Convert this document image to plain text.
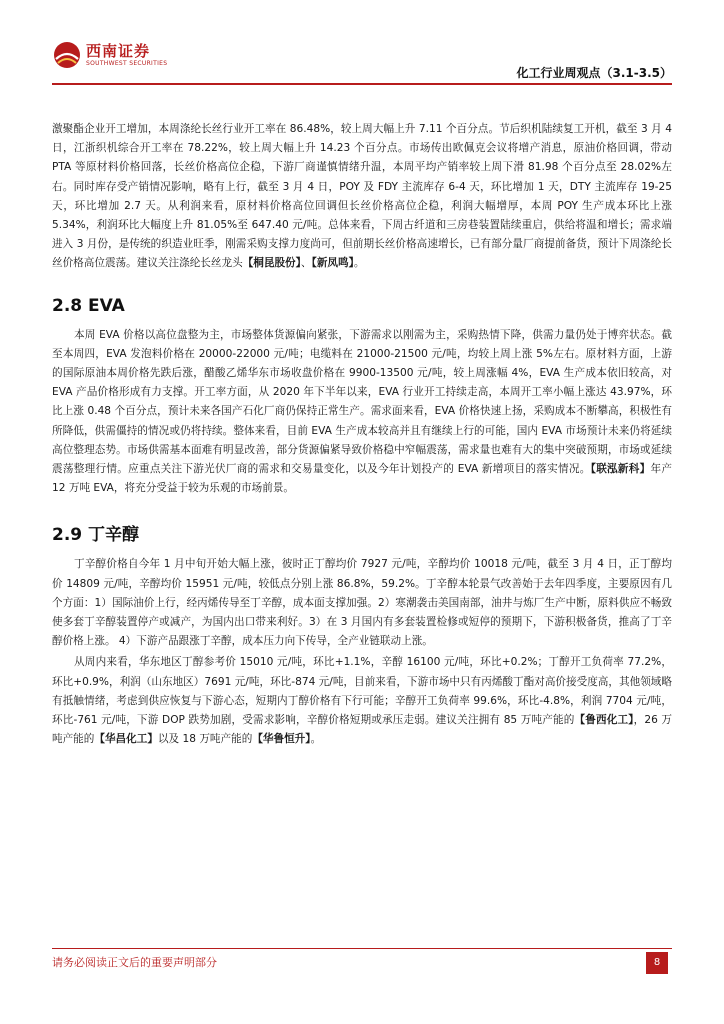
西南证券
SOUTHWEST SECURITIES
化工行业周观点（3.1-3.5）

激聚酯企业开工增加，本周涤纶长丝行业开工率在 86.48%，较上周大幅上升 7.11 个百分点。节后织机陆续复工开机，截至 3 月 4 日，江浙织机综合开工率在 78.22%，较上周大幅上升 14.23 个百分点。市场传出欧佩克会议将增产消息，原油价格回调，带动 PTA 等原材料价格回落，长丝价格高位企稳，下游厂商谨慎情绪升温，本周平均产销率较上周下滑 81.98 个百分点至 28.02%左右。同时库存受产销情况影响，略有上行，截至 3 月 4 日，POY 及 FDY 主流库存 6-4 天，环比增加 1 天，DTY 主流库存 19-25 天，环比增加 2.7 天。从利润来看，原材料价格高位回调但长丝价格高位企稳，利润大幅增厚，本周 POY 生产成本环比上涨 5.34%，利润环比大幅度上升 81.05%至 647.40 元/吨。总体来看，下周古纤道和三房巷装置陆续重启，供给将温和增长；需求端进入 3 月份，是传统的织造业旺季，刚需采购支撑力度尚可，但前期长丝价格高速增长，已有部分量厂商提前备货，预计下周涤纶长丝价格高位震荡。建议关注涤纶长丝龙头【桐昆股份】、【新凤鸣】。

2.8 EVA

本周 EVA 价格以高位盘整为主，市场整体货源偏向紧张，下游需求以刚需为主，采购热情下降，供需力量仍处于博弈状态。截至本周四，EVA 发泡料价格在 20000-22000 元/吨；电缆料在 21000-21500 元/吨，均较上周上涨 5%左右。原材料方面，上游的国际原油本周价格先跌后涨，醋酸乙烯华东市场收盘价格在 9900-13500 元/吨，较上周涨幅 4%，EVA 生产成本依旧较高，对 EVA 产品价格形成有力支撑。开工率方面，从 2020 年下半年以来，EVA 行业开工持续走高，本周开工率小幅上涨达 43.97%，环比上涨 0.48 个百分点，预计未来各国产石化厂商仍保持正常生产。需求面来看，EVA 价格快速上扬，采购成本不断攀高，积极性有所降低，供需僵持的情况或仍将持续。整体来看，目前 EVA 生产成本较高并且有继续上行的可能，国内 EVA 市场预计未来仍将延续高位整理态势。市场供需基本面难有明显改善，部分货源偏紧导致价格稳中窄幅震荡，需求量也难有大的集中突破预期，市场或延续震荡整理行情。应重点关注下游光伏厂商的需求和交易量变化，以及今年计划投产的 EVA 新增项目的落实情况。【联泓新科】年产 12 万吨 EVA，将充分受益于较为乐观的市场前景。

2.9 丁辛醇

丁辛醇价格自今年 1 月中旬开始大幅上涨，彼时正丁醇均价 7927 元/吨，辛醇均价 10018 元/吨，截至 3 月 4 日，正丁醇均价 14809 元/吨，辛醇均价 15951 元/吨，较低点分别上涨 86.8%，59.2%。丁辛醇本轮景气改善始于去年四季度，主要原因有几个方面：1）国际油价上行，经丙烯传导至丁辛醇，成本面支撑加强。2）寒潮袭击美国南部，油井与炼厂生产中断，原料供应不畅致使多套丁辛醇装置停产或减产，为国内出口带来利好。3）在 3 月国内有多套装置检修或短停的预期下，下游积极备货，推高了丁辛醇价格上涨。 4）下游产品跟涨丁辛醇，成本压力向下传导，全产业链联动上涨。

从周内来看，华东地区丁醇参考价 15010 元/吨，环比+1.1%，辛醇 16100 元/吨，环比+0.2%；丁醇开工负荷率 77.2%，环比+0.9%，利润（山东地区）7691 元/吨，环比-874 元/吨，目前来看，下游市场中只有丙烯酸丁酯对高价接受度高，其他领域略有抵触情绪，考虑到供应恢复与下游心态，短期内丁醇价格有下行可能；辛醇开工负荷率 99.6%，环比-4.8%，利润 7704 元/吨，环比-761 元/吨，下游 DOP 跌势加剧，受需求影响，辛醇价格短期或承压走弱。建议关注拥有 85 万吨产能的【鲁西化工】，26 万吨产能的【华昌化工】以及 18 万吨产能的【华鲁恒升】。

请务必阅读正文后的重要声明部分	8
